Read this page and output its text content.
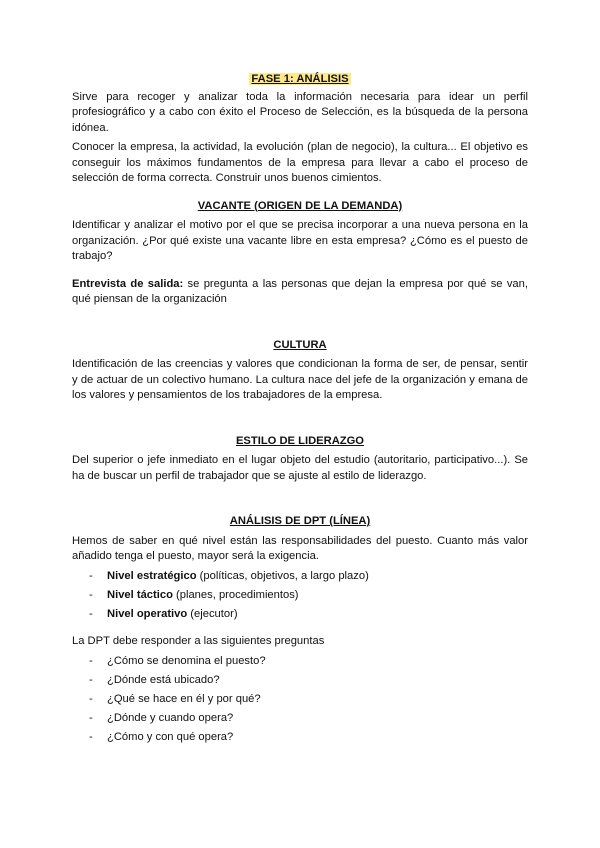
FASE 1: ANÁLISIS

Sirve para recoger y analizar toda la información necesaria para idear un perfil profesiográfico y a cabo con éxito el Proceso de Selección, es la búsqueda de la persona idónea.

Conocer la empresa, la actividad, la evolución (plan de negocio), la cultura... El objetivo es conseguir los máximos fundamentos de la empresa para llevar a cabo el proceso de selección de forma correcta. Construir unos buenos cimientos.

VACANTE (ORIGEN DE LA DEMANDA)

Identificar y analizar el motivo por el que se precisa incorporar a una nueva persona en la organización. ¿Por qué existe una vacante libre en esta empresa? ¿Cómo es el puesto de trabajo?

Entrevista de salida: se pregunta a las personas que dejan la empresa por qué se van, qué piensan de la organización

CULTURA

Identificación de las creencias y valores que condicionan la forma de ser, de pensar, sentir y de actuar de un colectivo humano. La cultura nace del jefe de la organización y emana de los valores y pensamientos de los trabajadores de la empresa.

ESTILO DE LIDERAZGO

Del superior o jefe inmediato en el lugar objeto del estudio (autoritario, participativo...). Se ha de buscar un perfil de trabajador que se ajuste al estilo de liderazgo.

ANÁLISIS DE DPT (LÍNEA)

Hemos de saber en qué nivel están las responsabilidades del puesto. Cuanto más valor añadido tenga el puesto, mayor será la exigencia.

- Nivel estratégico (políticas, objetivos, a largo plazo)
- Nivel táctico (planes, procedimientos)
- Nivel operativo (ejecutor)

La DPT debe responder a las siguientes preguntas

- ¿Cómo se denomina el puesto?
- ¿Dónde está ubicado?
- ¿Qué se hace en él y por qué?
- ¿Dónde y cuando opera?
- ¿Cómo y con qué opera?
